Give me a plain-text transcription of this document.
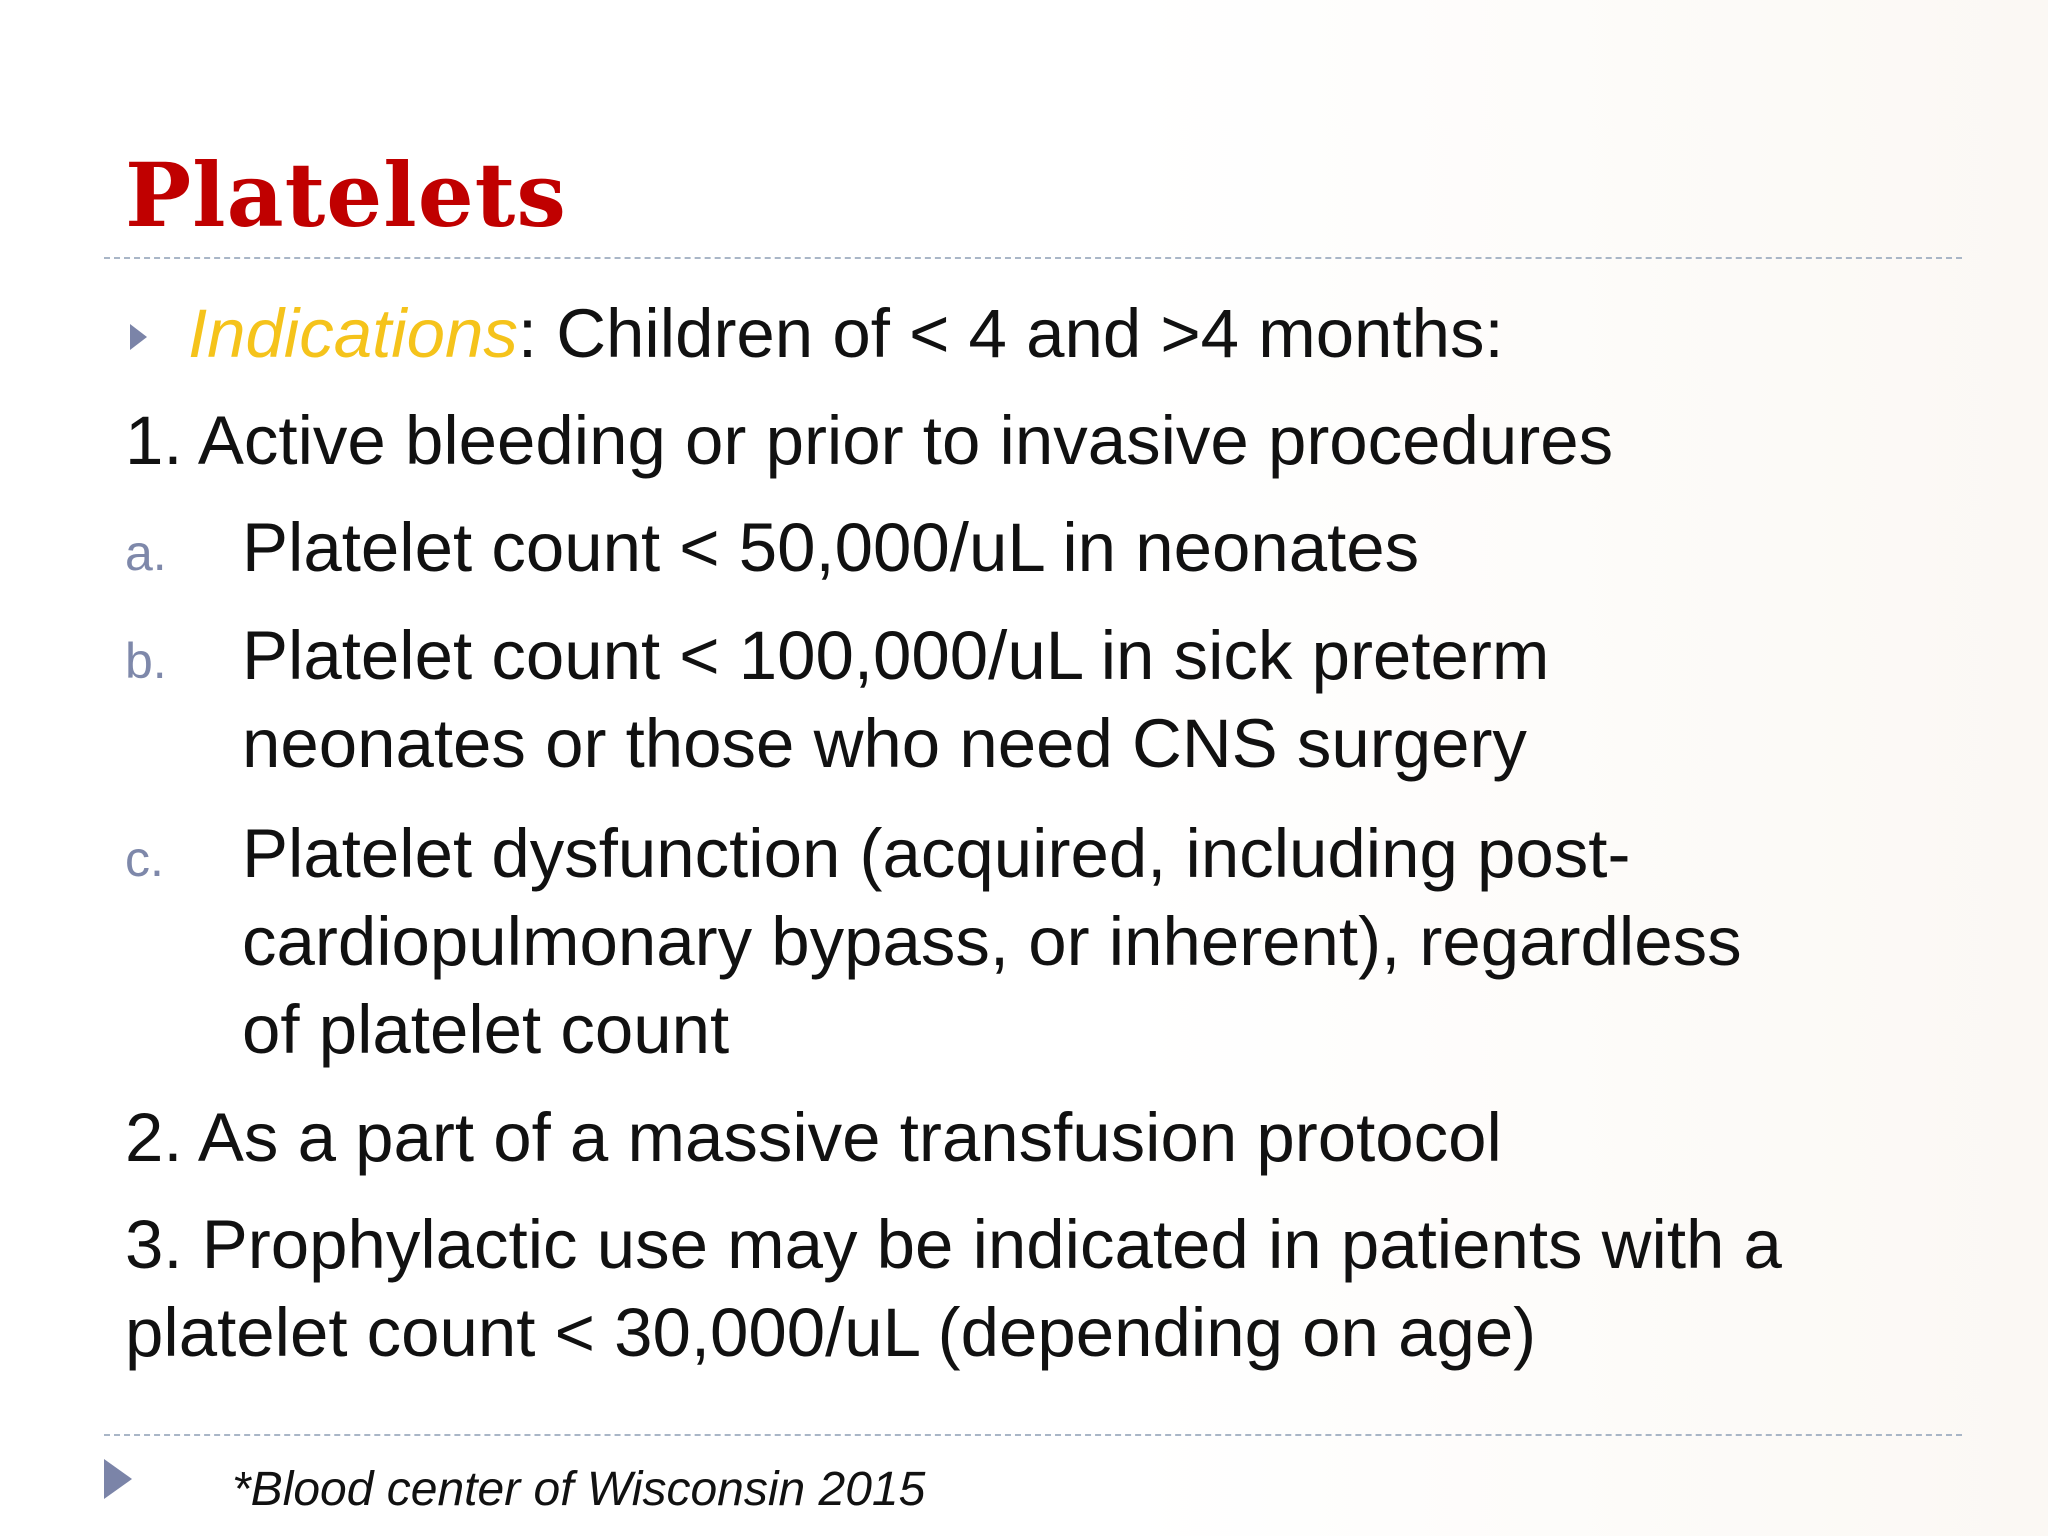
Platelets
Indications: Children of < 4 and >4 months:
1. Active bleeding or prior to invasive procedures
a. Platelet count < 50,000/uL in neonates
b. Platelet count < 100,000/uL in sick preterm
neonates or those who need CNS surgery
c. Platelet dysfunction (acquired, including post-
cardiopulmonary bypass, or inherent), regardless
of platelet count
2. As a part of a massive transfusion protocol
3. Prophylactic use may be indicated in patients with a
platelet count < 30,000/uL (depending on age)
*Blood center of Wisconsin 2015
